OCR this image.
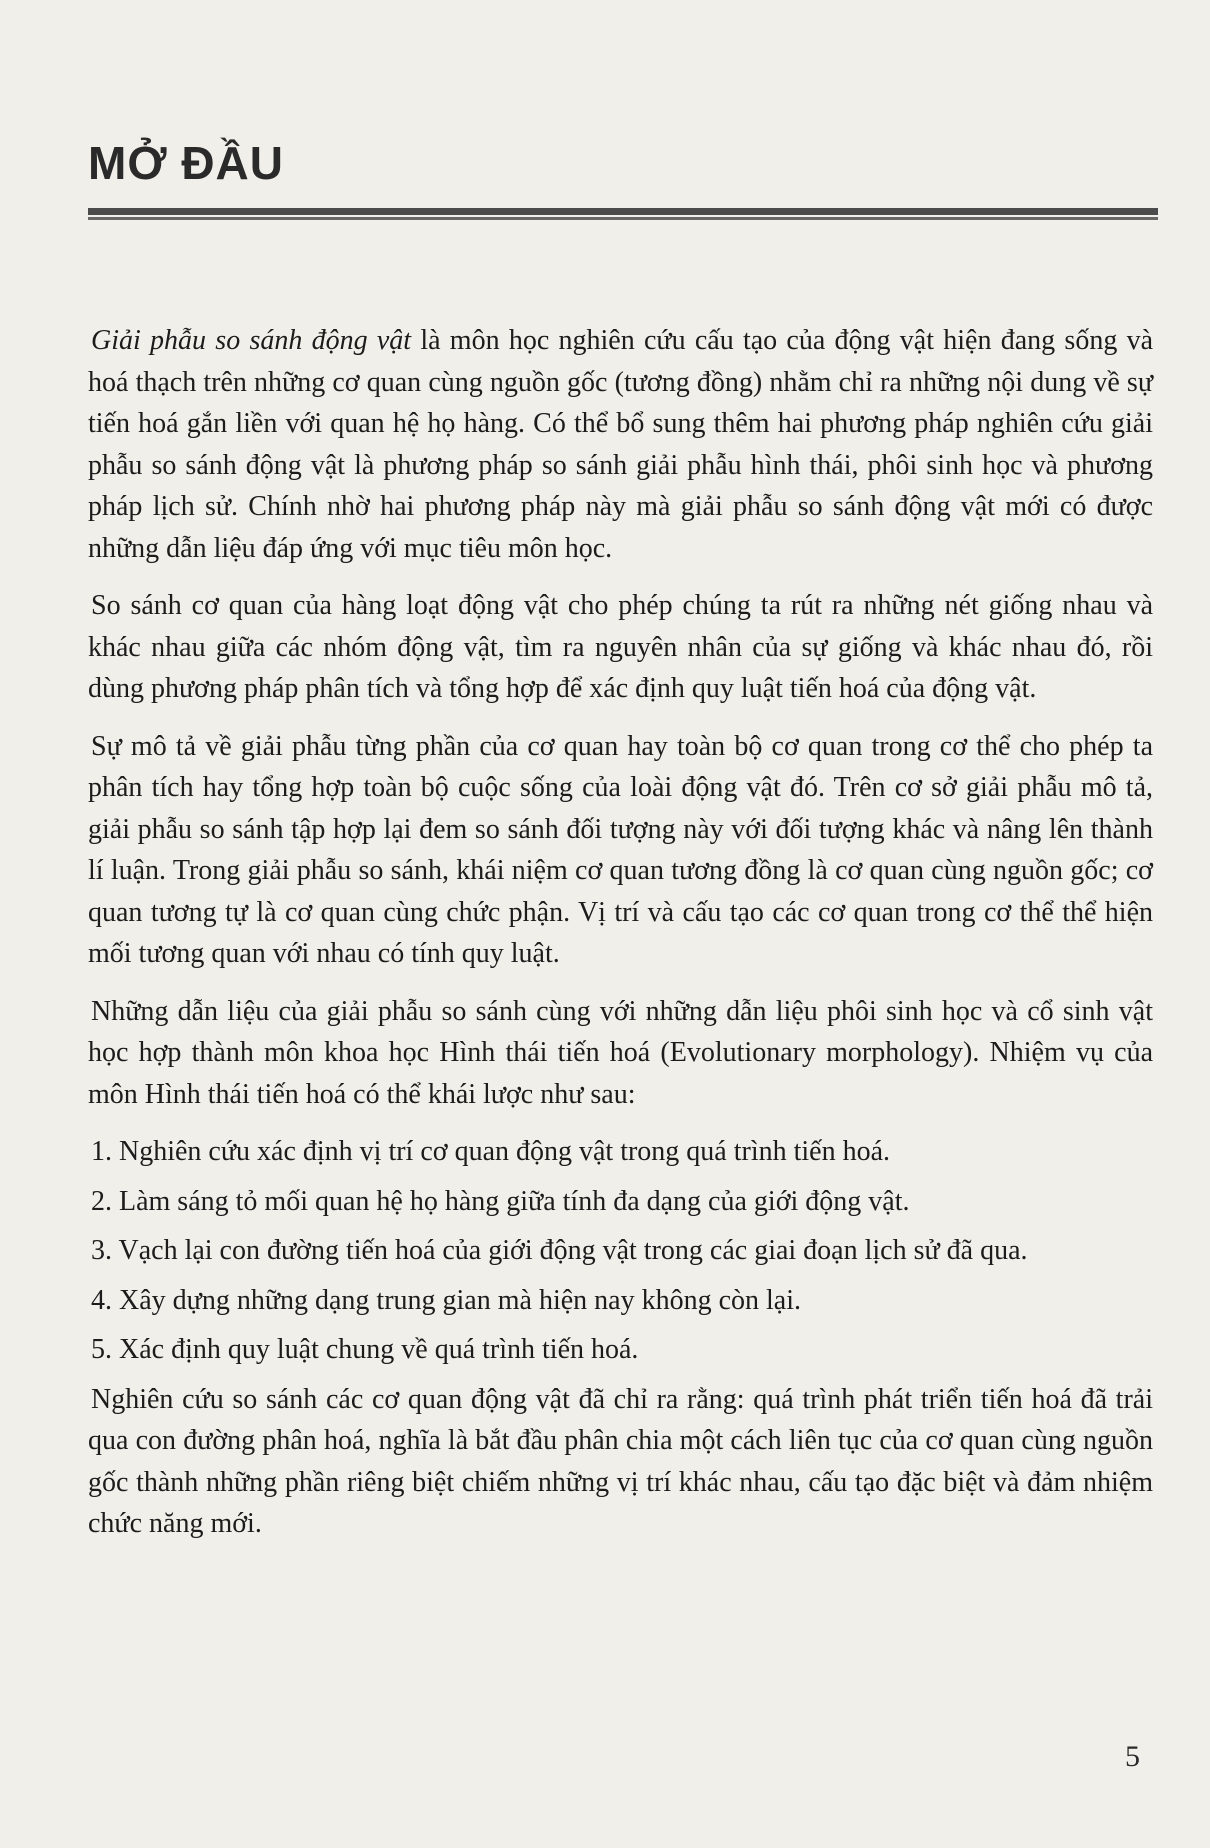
MỞ ĐẦU

Giải phẫu so sánh động vật là môn học nghiên cứu cấu tạo của động vật hiện đang sống và hoá thạch trên những cơ quan cùng nguồn gốc (tương đồng) nhằm chỉ ra những nội dung về sự tiến hoá gắn liền với quan hệ họ hàng. Có thể bổ sung thêm hai phương pháp nghiên cứu giải phẫu so sánh động vật là phương pháp so sánh giải phẫu hình thái, phôi sinh học và phương pháp lịch sử. Chính nhờ hai phương pháp này mà giải phẫu so sánh động vật mới có được những dẫn liệu đáp ứng với mục tiêu môn học.

So sánh cơ quan của hàng loạt động vật cho phép chúng ta rút ra những nét giống nhau và khác nhau giữa các nhóm động vật, tìm ra nguyên nhân của sự giống và khác nhau đó, rồi dùng phương pháp phân tích và tổng hợp để xác định quy luật tiến hoá của động vật.

Sự mô tả về giải phẫu từng phần của cơ quan hay toàn bộ cơ quan trong cơ thể cho phép ta phân tích hay tổng hợp toàn bộ cuộc sống của loài động vật đó. Trên cơ sở giải phẫu mô tả, giải phẫu so sánh tập hợp lại đem so sánh đối tượng này với đối tượng khác và nâng lên thành lí luận. Trong giải phẫu so sánh, khái niệm cơ quan tương đồng là cơ quan cùng nguồn gốc; cơ quan tương tự là cơ quan cùng chức phận. Vị trí và cấu tạo các cơ quan trong cơ thể thể hiện mối tương quan với nhau có tính quy luật.

Những dẫn liệu của giải phẫu so sánh cùng với những dẫn liệu phôi sinh học và cổ sinh vật học hợp thành môn khoa học Hình thái tiến hoá (Evolutionary morphology). Nhiệm vụ của môn Hình thái tiến hoá có thể khái lược như sau:

1. Nghiên cứu xác định vị trí cơ quan động vật trong quá trình tiến hoá.

2. Làm sáng tỏ mối quan hệ họ hàng giữa tính đa dạng của giới động vật.

3. Vạch lại con đường tiến hoá của giới động vật trong các giai đoạn lịch sử đã qua.

4. Xây dựng những dạng trung gian mà hiện nay không còn lại.

5. Xác định quy luật chung về quá trình tiến hoá.

Nghiên cứu so sánh các cơ quan động vật đã chỉ ra rằng: quá trình phát triển tiến hoá đã trải qua con đường phân hoá, nghĩa là bắt đầu phân chia một cách liên tục của cơ quan cùng nguồn gốc thành những phần riêng biệt chiếm những vị trí khác nhau, cấu tạo đặc biệt và đảm nhiệm chức năng mới.

5
